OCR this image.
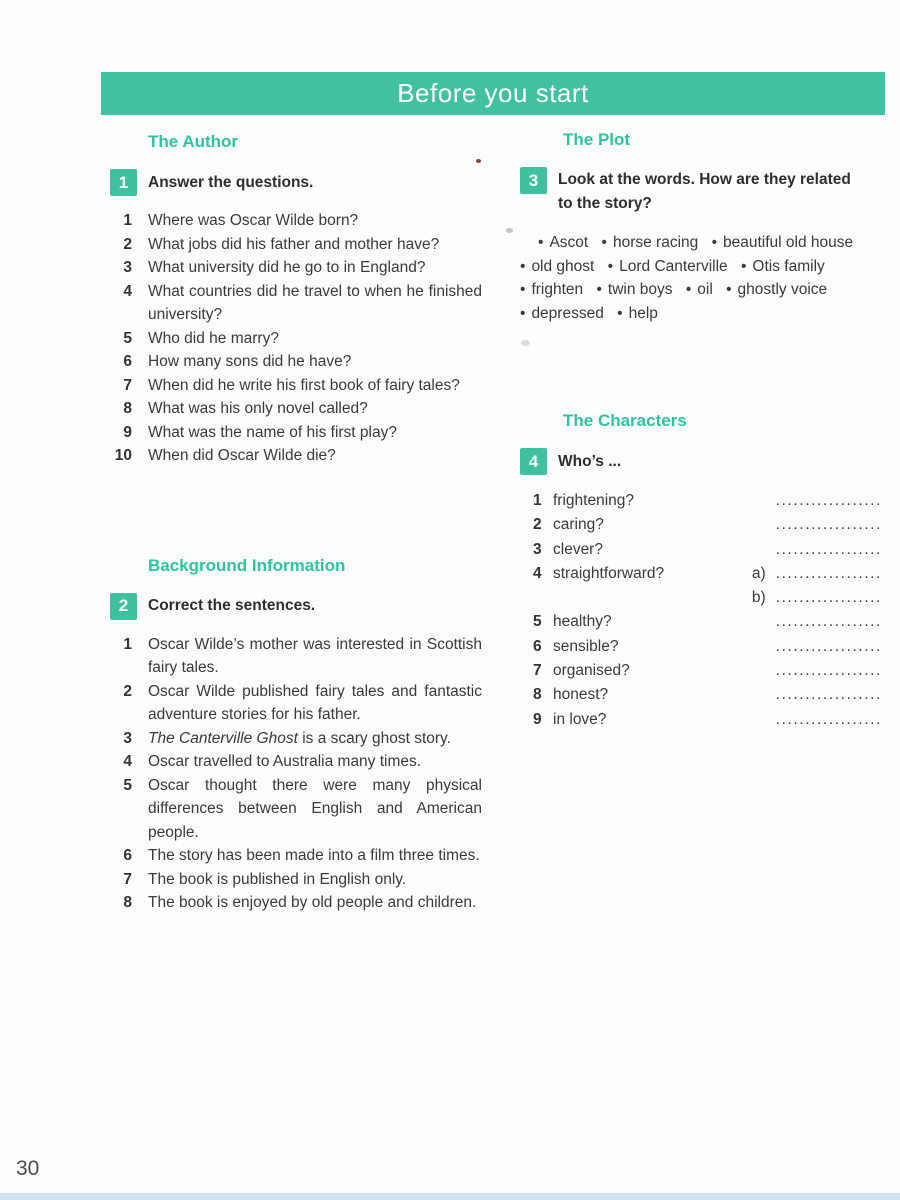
Before you start
The Author
1	Answer the questions.
1 Where was Oscar Wilde born?
2 What jobs did his father and mother have?
3 What university did he go to in England?
4 What countries did he travel to when he finished university?
5 Who did he marry?
6 How many sons did he have?
7 When did he write his first book of fairy tales?
8 What was his only novel called?
9 What was the name of his first play?
10 When did Oscar Wilde die?
Background Information
2	Correct the sentences.
1 Oscar Wilde’s mother was interested in Scottish fairy tales.
2 Oscar Wilde published fairy tales and fantastic adventure stories for his father.
3 The Canterville Ghost is a scary ghost story.
4 Oscar travelled to Australia many times.
5 Oscar thought there were many physical differences between English and American people.
6 The story has been made into a film three times.
7 The book is published in English only.
8 The book is enjoyed by old people and children.
The Plot
3	Look at the words. How are they related to the story?

• Ascot • horse racing • beautiful old house • old ghost • Lord Canterville • Otis family • frighten • twin boys • oil • ghostly voice • depressed • help

The Characters
4	Who’s ...
1 frightening?	..................
2 caring?	..................
3 clever?	..................
4 straightforward?	a) ..................
b) ..................
5 healthy?	..................
6 sensible?	..................
7 organised?	..................
8 honest?	..................
9 in love?	..................
30
